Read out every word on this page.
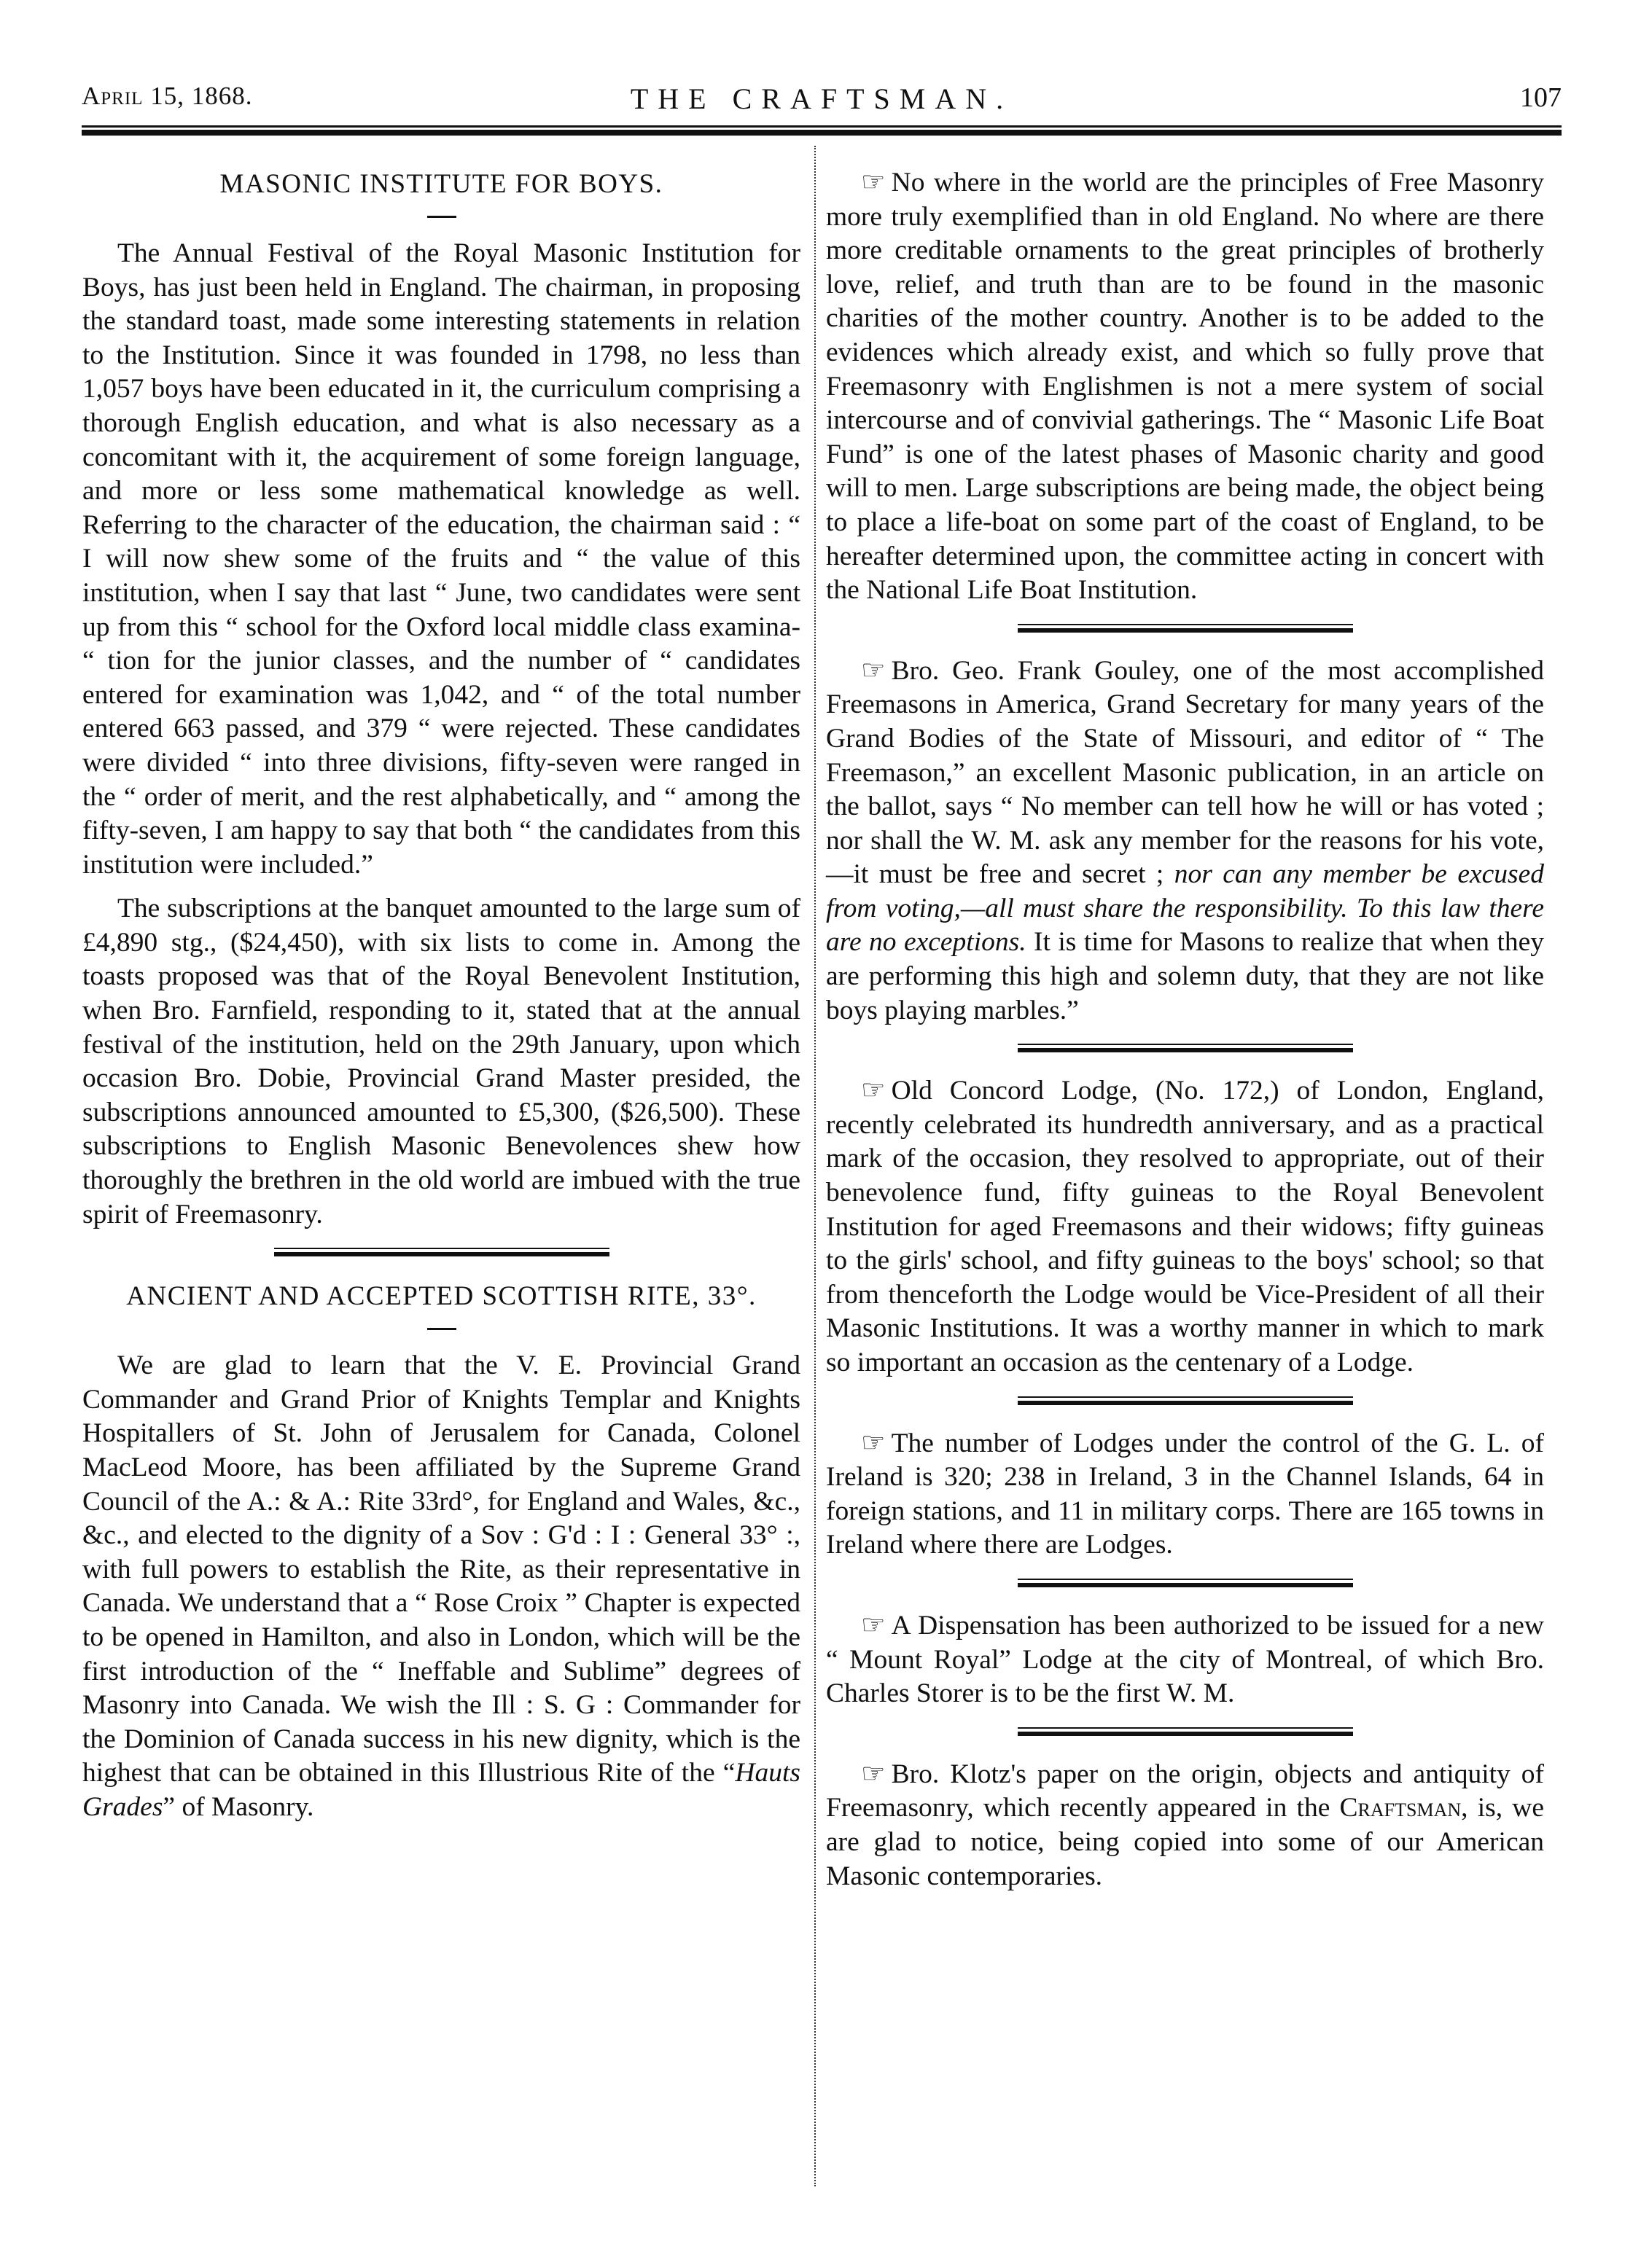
April 15, 1868.	THE CRAFTSMAN.	107
MASONIC INSTITUTE FOR BOYS.

The Annual Festival of the Royal Masonic Institution for Boys, has just been held in England. The chairman, in proposing the standard toast, made some interesting statements in relation to the Institution. Since it was founded in 1798, no less than 1,057 boys have been educated in it, the curriculum comprising a thorough English education, and what is also necessary as a concomitant with it, the acquirement of some foreign language, and more or less some mathematical knowledge as well. Referring to the character of the education, the chairman said : “ I will now shew some of the fruits and “ the value of this institution, when I say that last “ June, two candidates were sent up from this “ school for the Oxford local middle class examina- “ tion for the junior classes, and the number of “ candidates entered for examination was 1,042, and “ of the total number entered 663 passed, and 379 “ were rejected. These candidates were divided “ into three divisions, fifty-seven were ranged in the “ order of merit, and the rest alphabetically, and “ among the fifty-seven, I am happy to say that both “ the candidates from this institution were included.”

The subscriptions at the banquet amounted to the large sum of £4,890 stg., ($24,450), with six lists to come in. Among the toasts proposed was that of the Royal Benevolent Institution, when Bro. Farnfield, responding to it, stated that at the annual festival of the institution, held on the 29th January, upon which occasion Bro. Dobie, Provincial Grand Master presided, the subscriptions announced amounted to £5,300, ($26,500). These subscriptions to English Masonic Benevolences shew how thoroughly the brethren in the old world are imbued with the true spirit of Freemasonry.

ANCIENT AND ACCEPTED SCOTTISH RITE, 33°.

We are glad to learn that the V. E. Provincial Grand Commander and Grand Prior of Knights Templar and Knights Hospitallers of St. John of Jerusalem for Canada, Colonel MacLeod Moore, has been affiliated by the Supreme Grand Council of the A.: & A.: Rite 33rd°, for England and Wales, &c., &c., and elected to the dignity of a Sov : G'd : I : General 33° :, with full powers to establish the Rite, as their representative in Canada. We understand that a “ Rose Croix ” Chapter is expected to be opened in Hamilton, and also in London, which will be the first introduction of the “ Ineffable and Sublime” degrees of Masonry into Canada. We wish the Ill : S. G : Commander for the Dominion of Canada success in his new dignity, which is the highest that can be obtained in this Illustrious Rite of the “Hauts Grades” of Masonry.

☞ No where in the world are the principles of Free Masonry more truly exemplified than in old England. No where are there more creditable ornaments to the great principles of brotherly love, relief, and truth than are to be found in the masonic charities of the mother country. Another is to be added to the evidences which already exist, and which so fully prove that Freemasonry with Englishmen is not a mere system of social intercourse and of convivial gatherings. The “ Masonic Life Boat Fund” is one of the latest phases of Masonic charity and good will to men. Large subscriptions are being made, the object being to place a life-boat on some part of the coast of England, to be hereafter determined upon, the committee acting in concert with the National Life Boat Institution.

☞ Bro. Geo. Frank Gouley, one of the most accomplished Freemasons in America, Grand Secretary for many years of the Grand Bodies of the State of Missouri, and editor of “ The Freemason,” an excellent Masonic publication, in an article on the ballot, says “ No member can tell how he will or has voted ; nor shall the W. M. ask any member for the reasons for his vote,—it must be free and secret ; nor can any member be excused from voting,—all must share the responsibility. To this law there are no exceptions. It is time for Masons to realize that when they are performing this high and solemn duty, that they are not like boys playing marbles.”

☞ Old Concord Lodge, (No. 172,) of London, England, recently celebrated its hundredth anniversary, and as a practical mark of the occasion, they resolved to appropriate, out of their benevolence fund, fifty guineas to the Royal Benevolent Institution for aged Freemasons and their widows; fifty guineas to the girls' school, and fifty guineas to the boys' school; so that from thenceforth the Lodge would be Vice-President of all their Masonic Institutions. It was a worthy manner in which to mark so important an occasion as the centenary of a Lodge.

☞ The number of Lodges under the control of the G. L. of Ireland is 320; 238 in Ireland, 3 in the Channel Islands, 64 in foreign stations, and 11 in military corps. There are 165 towns in Ireland where there are Lodges.

☞ A Dispensation has been authorized to be issued for a new “ Mount Royal” Lodge at the city of Montreal, of which Bro. Charles Storer is to be the first W. M.

☞ Bro. Klotz's paper on the origin, objects and antiquity of Freemasonry, which recently appeared in the Craftsman, is, we are glad to notice, being copied into some of our American Masonic contemporaries.
